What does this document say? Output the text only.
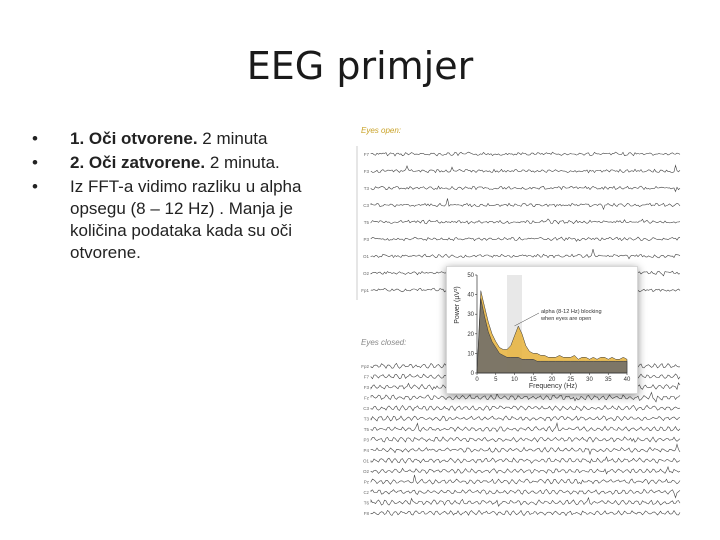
EEG primjer
• 1. Oči otvorene. 2 minuta
• 2. Oči zatvorene. 2 minuta.
• Iz FFT-a vidimo razliku u alpha opsegu (8 – 12 Hz) . Manja je količina podataka kada su oči otvorene.
Eyes open:
Eyes closed:
F7
F3
T3
C3
T5
P3
O1
O2
Fp1
Fp2
F7
F3
Fz
C3
T3
T5
P3
P4
O1
O2
Pz
Cz
T6
F8
0	5 10 15 20 25 30 35 40
0
10
20
30
40
50
alpha (8-12 Hz) blocking
when eyes are open
Power (µV²)
Frequency (Hz)
